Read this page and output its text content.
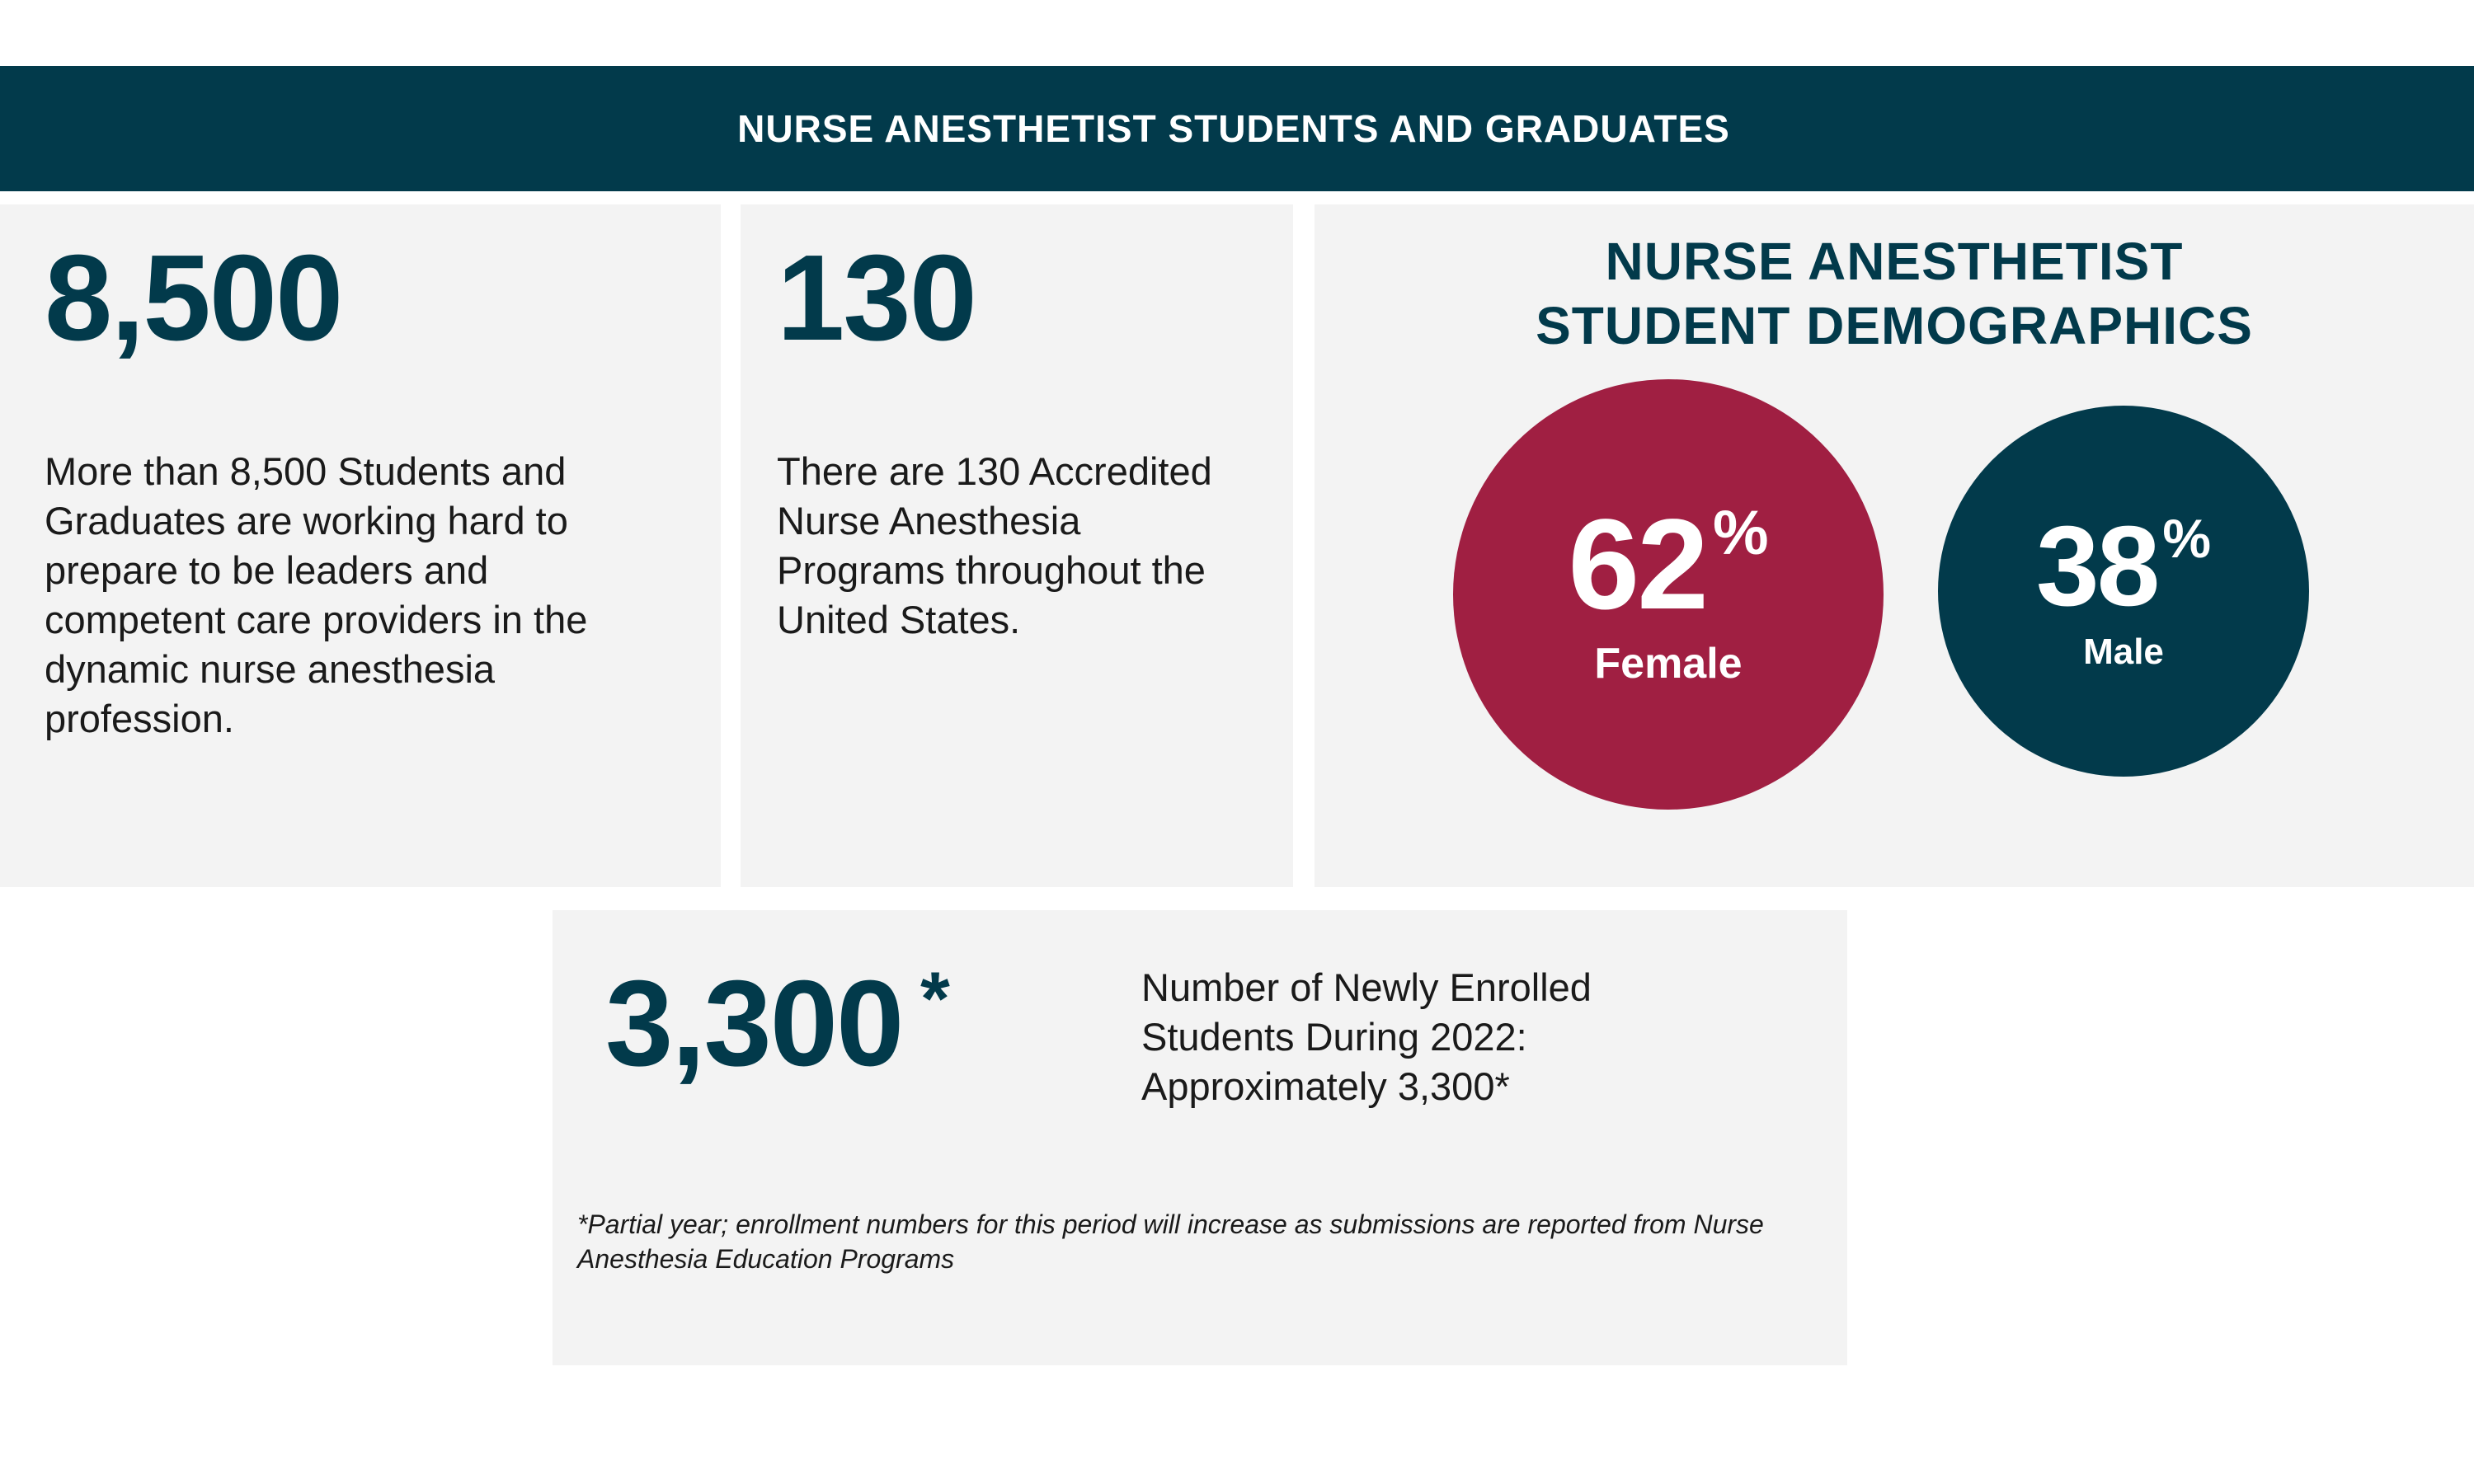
NURSE ANESTHETIST STUDENTS AND GRADUATES
8,500
More than 8,500 Students and Graduates are working hard to prepare to be leaders and competent care providers in the dynamic nurse anesthesia profession.
130
There are 130 Accredited Nurse Anesthesia Programs throughout the United States.
NURSE ANESTHETIST
STUDENT DEMOGRAPHICS
62 %
Female
38 %
Male
3,300 *	Number of Newly Enrolled
Students During 2022:
Approximately 3,300*
*Partial year; enrollment numbers for this period will increase as submissions are reported from Nurse Anesthesia Education Programs
